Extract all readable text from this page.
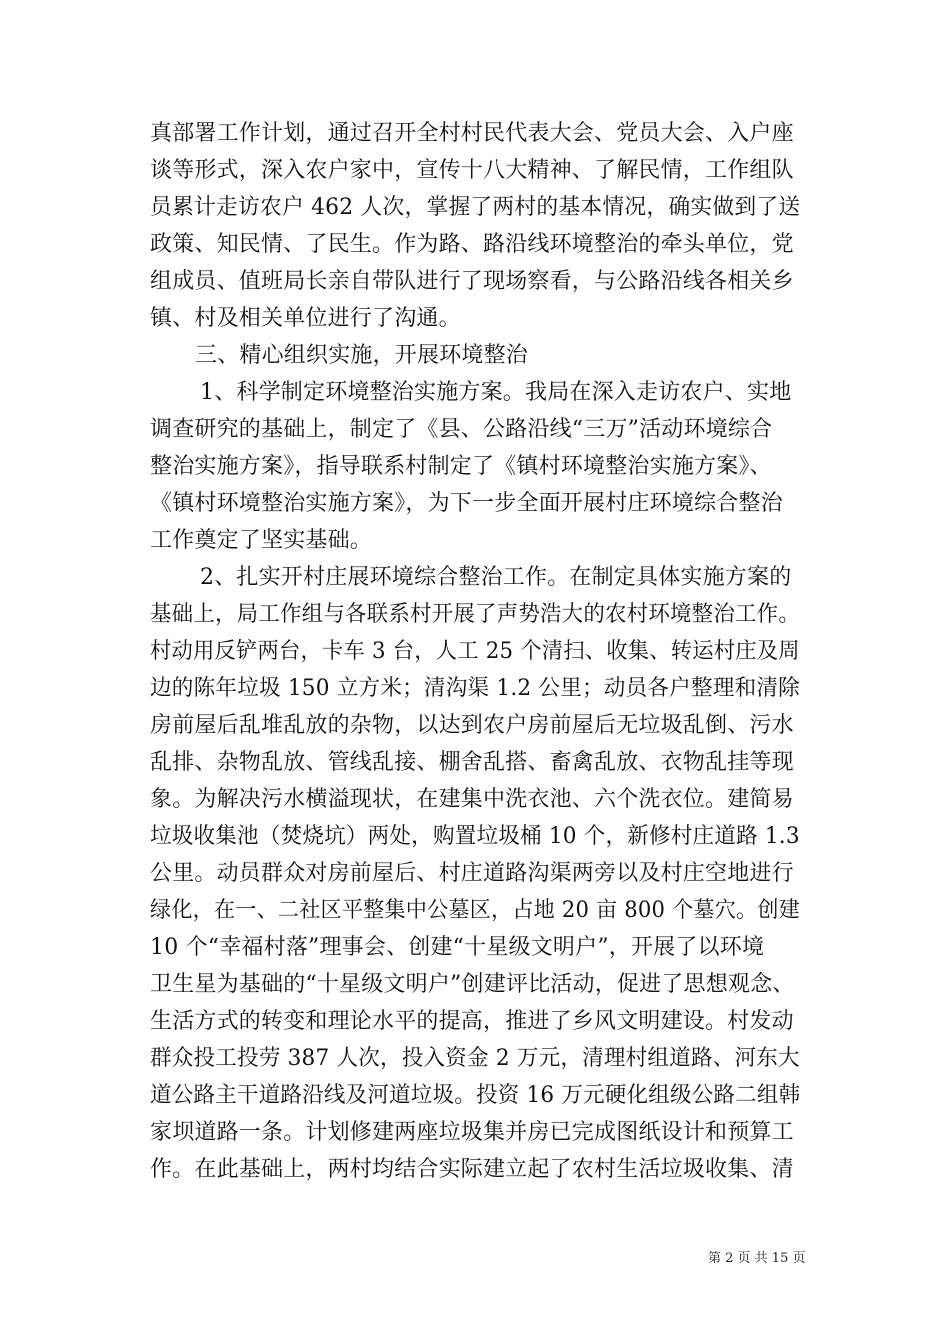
真部署工作计划，通过召开全村村民代表大会、党员大会、入户座
谈等形式，深入农户家中，宣传十八大精神、了解民情，工作组队
员累计走访农户 462 人次，掌握了两村的基本情况，确实做到了送
政策、知民情、了民生。作为路、路沿线环境整治的牵头单位，党
组成员、值班局长亲自带队进行了现场察看，与公路沿线各相关乡
镇、村及相关单位进行了沟通。
三、精心组织实施，开展环境整治
1、科学制定环境整治实施方案。我局在深入走访农户、实地
调查研究的基础上，制定了《县、公路沿线“三万”活动环境综合
整治实施方案》，指导联系村制定了《镇村环境整治实施方案》、
《镇村环境整治实施方案》，为下一步全面开展村庄环境综合整治
工作奠定了坚实基础。
2、扎实开村庄展环境综合整治工作。在制定具体实施方案的
基础上，局工作组与各联系村开展了声势浩大的农村环境整治工作。
村动用反铲两台，卡车 3 台，人工 25 个清扫、收集、转运村庄及周
边的陈年垃圾 150 立方米；清沟渠 1.2 公里；动员各户整理和清除
房前屋后乱堆乱放的杂物，以达到农户房前屋后无垃圾乱倒、污水
乱排、杂物乱放、管线乱接、棚舍乱搭、畜禽乱放、衣物乱挂等现
象。为解决污水横溢现状，在建集中洗衣池、六个洗衣位。建简易
垃圾收集池（焚烧坑）两处，购置垃圾桶 10 个，新修村庄道路 1.3
公里。动员群众对房前屋后、村庄道路沟渠两旁以及村庄空地进行
绿化，在一、二社区平整集中公墓区，占地 20 亩 800 个墓穴。创建
10 个“幸福村落”理事会、创建“十星级文明户”，开展了以环境
卫生星为基础的“十星级文明户”创建评比活动，促进了思想观念、
生活方式的转变和理论水平的提高，推进了乡风文明建设。村发动
群众投工投劳 387 人次，投入资金 2 万元，清理村组道路、河东大
道公路主干道路沿线及河道垃圾。投资 16 万元硬化组级公路二组韩
家坝道路一条。计划修建两座垃圾集并房已完成图纸设计和预算工
作。在此基础上，两村均结合实际建立起了农村生活垃圾收集、清
第 2 页 共 15 页
